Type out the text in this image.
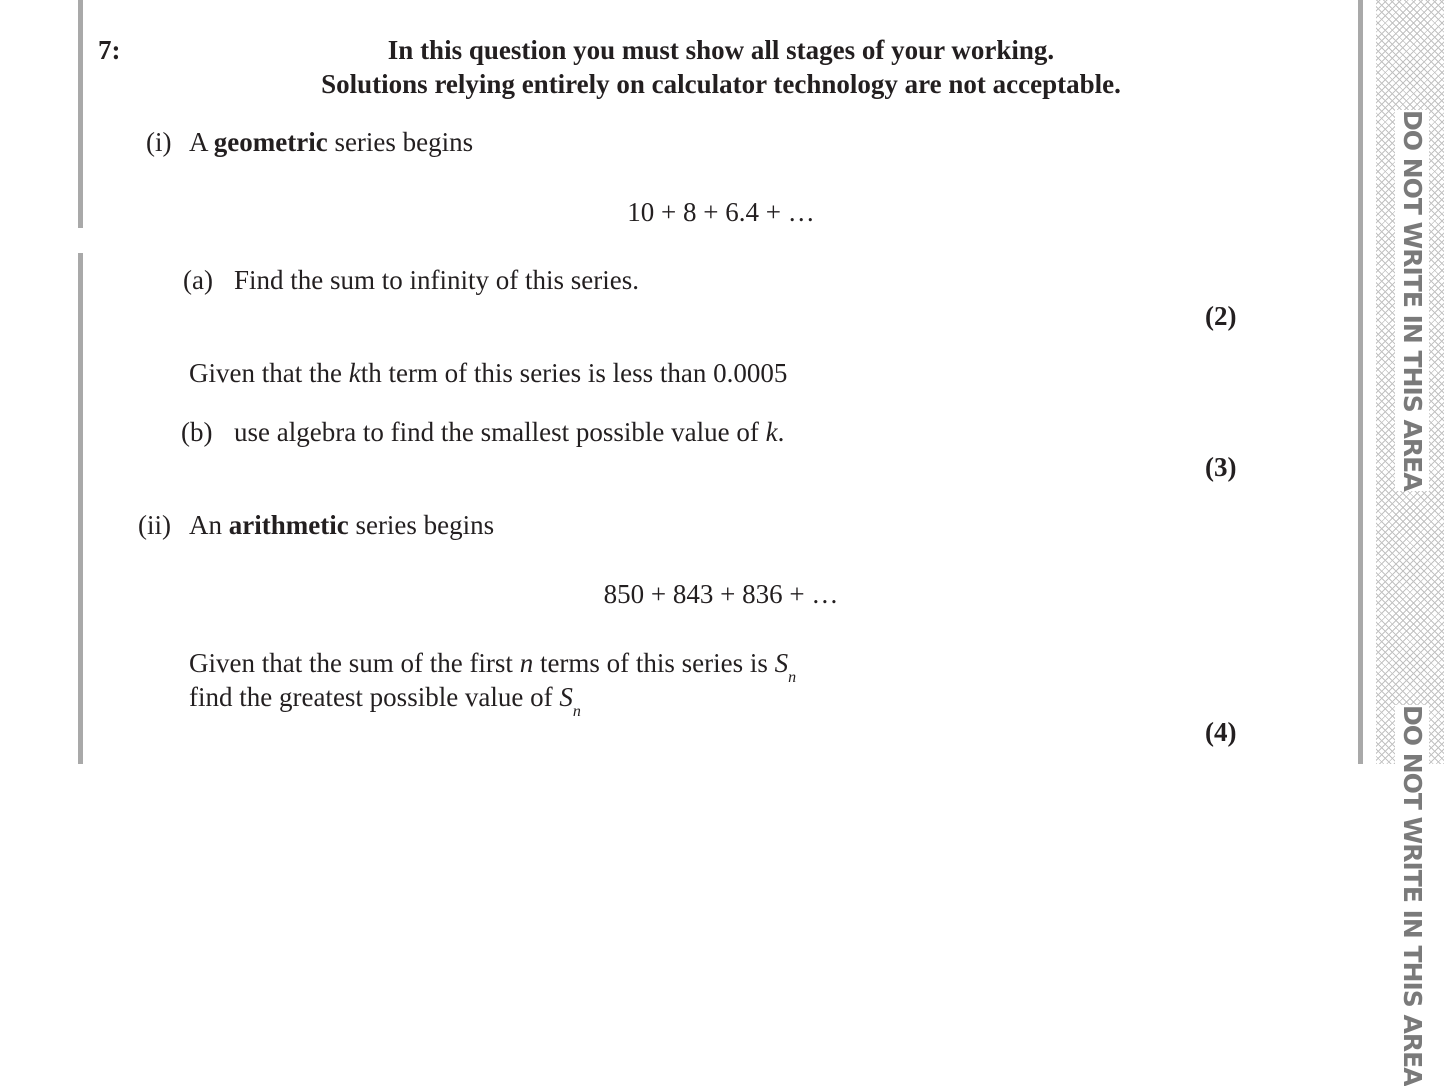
DO NOT WRITE IN THIS AREA
DO NOT WRITE IN THIS AREA
7:	In this question you must show all stages of your working.
Solutions relying entirely on calculator technology are not acceptable.
(i) A geometric series begins
10 + 8 + 6.4 + …
(a) Find the sum to infinity of this series.
(2)
Given that the kth term of this series is less than 0.0005
(b) use algebra to find the smallest possible value of k.
(3)
(ii) An arithmetic series begins
850 + 843 + 836 + …
Given that the sum of the first n terms of this series is $S_n$
find the greatest possible value of $S_n$
(4)
